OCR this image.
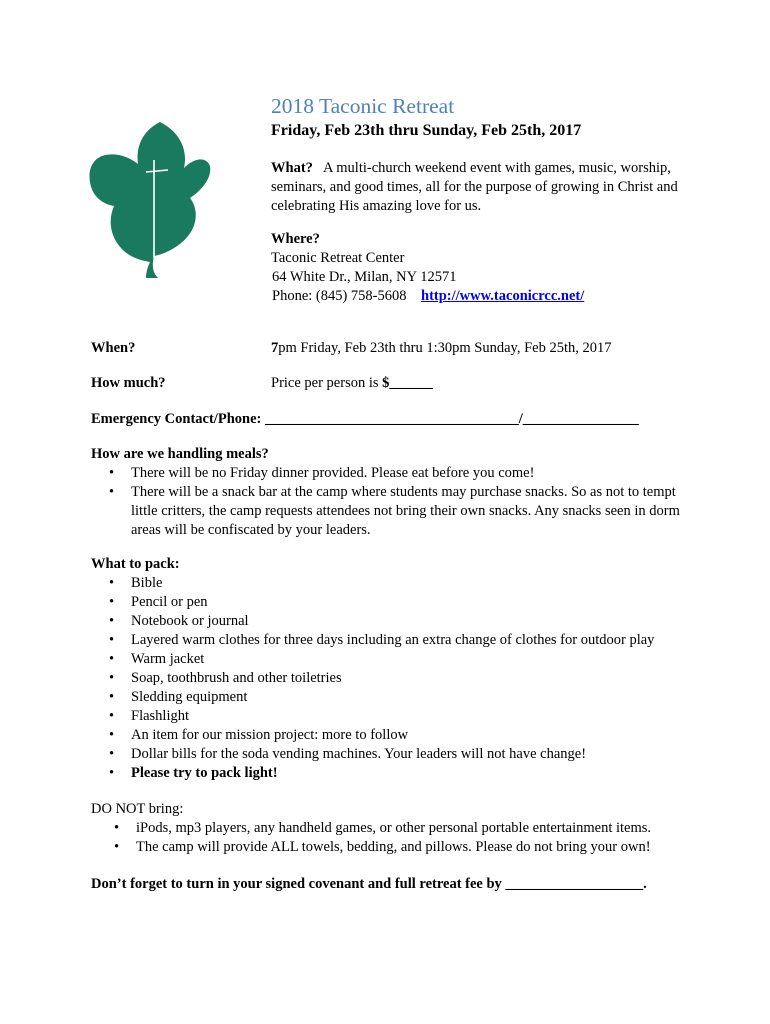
2018 Taconic Retreat
Friday, Feb 23th thru Sunday, Feb 25th, 2017
What? A multi-church weekend event with games, music, worship, seminars, and good times, all for the purpose of growing in Christ and celebrating His amazing love for us.
Where?
Taconic Retreat Center
64 White Dr., Milan, NY 12571
Phone: (845) 758-5608 http://www.taconicrcc.net/
When?	7pm Friday, Feb 23th thru 1:30pm Sunday, Feb 25th, 2017
How much?	Price per person is $______
Emergency Contact/Phone: ___________________________________/________________
How are we handling meals?
• There will be no Friday dinner provided. Please eat before you come!
• There will be a snack bar at the camp where students may purchase snacks. So as not to tempt little critters, the camp requests attendees not bring their own snacks. Any snacks seen in dorm areas will be confiscated by your leaders.
What to pack:
• Bible
• Pencil or pen
• Notebook or journal
• Layered warm clothes for three days including an extra change of clothes for outdoor play
• Warm jacket
• Soap, toothbrush and other toiletries
• Sledding equipment
• Flashlight
• An item for our mission project: more to follow
• Dollar bills for the soda vending machines. Your leaders will not have change!
• Please try to pack light!
DO NOT bring:
• iPods, mp3 players, any handheld games, or other personal portable entertainment items.
• The camp will provide ALL towels, bedding, and pillows. Please do not bring your own!
Don’t forget to turn in your signed covenant and full retreat fee by ___________________.
